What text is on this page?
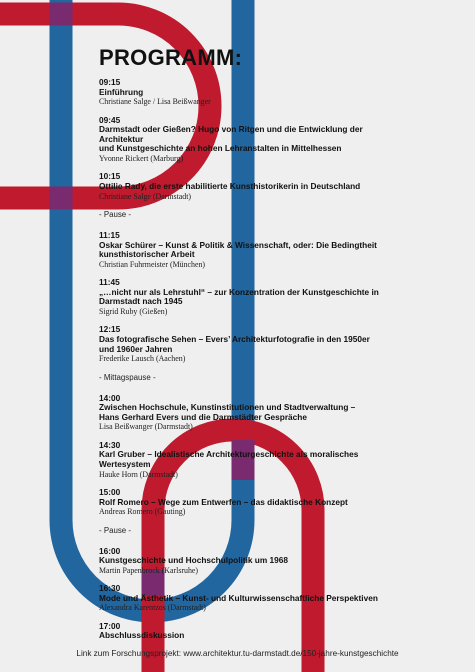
PROGRAMM:
09:15
Einführung
Christiane Salge / Lisa Beißwanger
09:45
Darmstadt oder Gießen? Hugo von Ritgen und die Entwicklung der Architektur
und Kunstgeschichte an hohen Lehranstalten in Mittelhessen
Yvonne Rickert (Marburg)
10:15
Ottilie Rady, die erste habilitierte Kunsthistorikerin in Deutschland
Christiane Salge (Darmstadt)
- Pause -
11:15
Oskar Schürer – Kunst & Politik & Wissenschaft, oder: Die Bedingtheit
kunsthistorischer Arbeit
Christian Fuhrmeister (München)
11:45
„…nicht nur als Lehrstuhl“ – zur Konzentration der Kunstgeschichte in
Darmstadt nach 1945
Sigrid Ruby (Gießen)
12:15
Das fotografische Sehen – Evers’ Architekturfotografie in den 1950er
und 1960er Jahren
Frederike Lausch (Aachen)
- Mittagspause -
14:00
Zwischen Hochschule, Kunstinstitutionen und Stadtverwaltung –
Hans Gerhard Evers und die Darmstädter Gespräche
Lisa Beißwanger (Darmstadt)
14:30
Karl Gruber – Idealistische Architekturgeschichte als moralisches Wertesystem
Hauke Horn (Darmstadt)
15:00
Rolf Romero – Wege zum Entwerfen – das didaktische Konzept
Andreas Romero (Gauting)
- Pause -
16:00
Kunstgeschichte und Hochschulpolitik um 1968
Martin Papenbrock (Karlsruhe)
16:30
Mode und Ästhetik – Kunst- und Kulturwissenschaftliche Perspektiven
Alexandra Karentzos (Darmstadt)
17:00
Abschlussdiskussion
Link zum Forschungsprojekt: www.architektur.tu-darmstadt.de/150-jahre-kunstgeschichte
